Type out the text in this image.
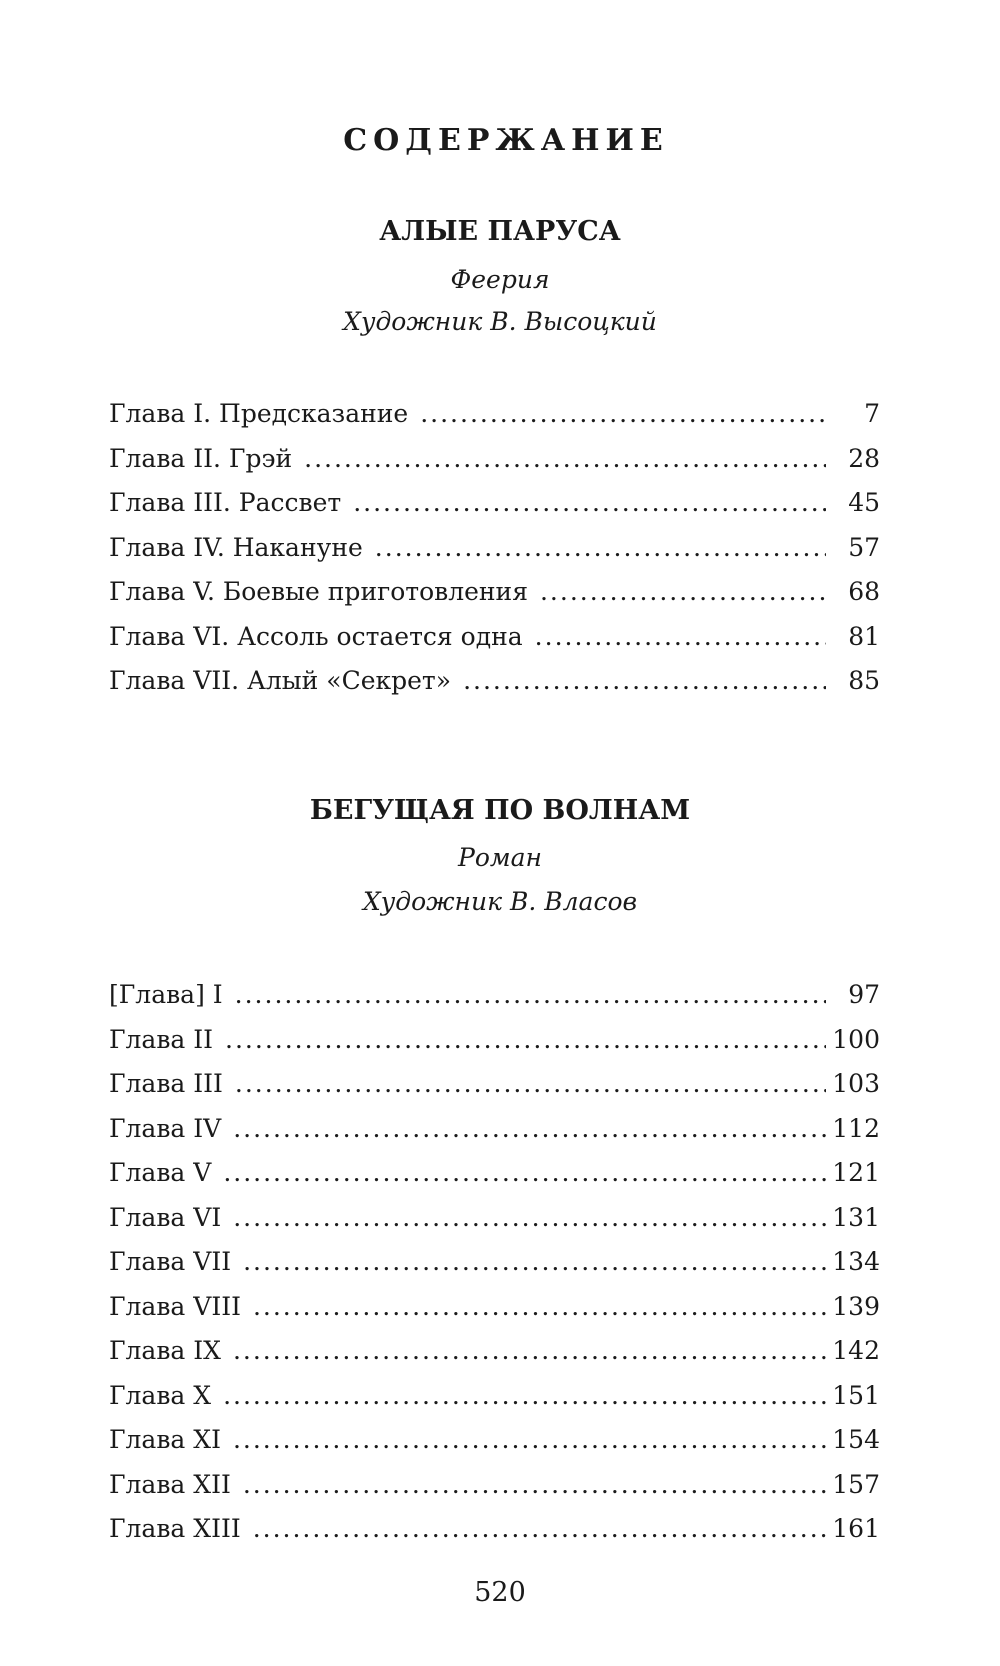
СОДЕРЖАНИЕ
АЛЫЕ ПАРУСА
Феерия
Художник В. Высоцкий
Глава I. Предсказание .....	7
Глава II. Грэй .....	28
Глава III. Рассвет .....	45
Глава IV. Накануне .....	57
Глава V. Боевые приготовления .....	68
Глава VI. Ассоль остается одна .....	81
Глава VII. Алый «Секрет» .....	85
БЕГУЩАЯ ПО ВОЛНАМ
Роман
Художник В. Власов
[Глава] I .....	97
Глава II .....	100
Глава III .....	103
Глава IV .....	112
Глава V .....	121
Глава VI .....	131
Глава VII .....	134
Глава VIII .....	139
Глава IX .....	142
Глава X .....	151
Глава XI .....	154
Глава XII .....	157
Глава XIII .....	161
520
